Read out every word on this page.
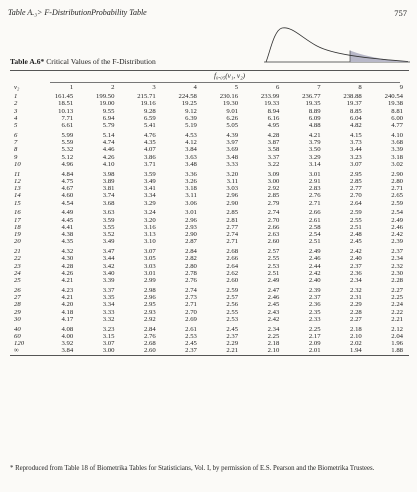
Table A.₃> F-DistributionProbability Table	757
Table A.6* Critical Values of the F-Distribution
f₀.₀₅(v₁, v₂)
v₂	1	2	3	4	5	6	7	8	9
1	161.45	199.50	215.71	224.58	230.16	233.99	236.77	238.88	240.54
2	18.51	19.00	19.16	19.25	19.30	19.33	19.35	19.37	19.38
3	10.13	9.55	9.28	9.12	9.01	8.94	8.89	8.85	8.81
4	7.71	6.94	6.59	6.39	6.26	6.16	6.09	6.04	6.00
5	6.61	5.79	5.41	5.19	5.05	4.95	4.88	4.82	4.77
6	5.99	5.14	4.76	4.53	4.39	4.28	4.21	4.15	4.10
7	5.59	4.74	4.35	4.12	3.97	3.87	3.79	3.73	3.68
8	5.32	4.46	4.07	3.84	3.69	3.58	3.50	3.44	3.39
9	5.12	4.26	3.86	3.63	3.48	3.37	3.29	3.23	3.18
10	4.96	4.10	3.71	3.48	3.33	3.22	3.14	3.07	3.02
11	4.84	3.98	3.59	3.36	3.20	3.09	3.01	2.95	2.90
12	4.75	3.89	3.49	3.26	3.11	3.00	2.91	2.85	2.80
13	4.67	3.81	3.41	3.18	3.03	2.92	2.83	2.77	2.71
14	4.60	3.74	3.34	3.11	2.96	2.85	2.76	2.70	2.65
15	4.54	3.68	3.29	3.06	2.90	2.79	2.71	2.64	2.59
16	4.49	3.63	3.24	3.01	2.85	2.74	2.66	2.59	2.54
17	4.45	3.59	3.20	2.96	2.81	2.70	2.61	2.55	2.49
18	4.41	3.55	3.16	2.93	2.77	2.66	2.58	2.51	2.46
19	4.38	3.52	3.13	2.90	2.74	2.63	2.54	2.48	2.42
20	4.35	3.49	3.10	2.87	2.71	2.60	2.51	2.45	2.39
21	4.32	3.47	3.07	2.84	2.68	2.57	2.49	2.42	2.37
22	4.30	3.44	3.05	2.82	2.66	2.55	2.46	2.40	2.34
23	4.28	3.42	3.03	2.80	2.64	2.53	2.44	2.37	2.32
24	4.26	3.40	3.01	2.78	2.62	2.51	2.42	2.36	2.30
25	4.21	3.39	2.99	2.76	2.60	2.49	2.40	2.34	2.28
26	4.23	3.37	2.98	2.74	2.59	2.47	2.39	2.32	2.27
27	4.21	3.35	2.96	2.73	2.57	2.46	2.37	2.31	2.25
28	4.20	3.34	2.95	2.71	2.56	2.45	2.36	2.29	2.24
29	4.18	3.33	2.93	2.70	2.55	2.43	2.35	2.28	2.22
30	4.17	3.32	2.92	2.69	2.53	2.42	2.33	2.27	2.21
40	4.08	3.23	2.84	2.61	2.45	2.34	2.25	2.18	2.12
60	4.00	3.15	2.76	2.53	2.37	2.25	2.17	2.10	2.04
120	3.92	3.07	2.68	2.45	2.29	2.18	2.09	2.02	1.96
∞	3.84	3.00	2.60	2.37	2.21	2.10	2.01	1.94	1.88
* Reproduced from Table 18 of Biometrika Tables for Statisticians, Vol. I, by permission of E.S. Pearson and the Biometrika Trustees.
